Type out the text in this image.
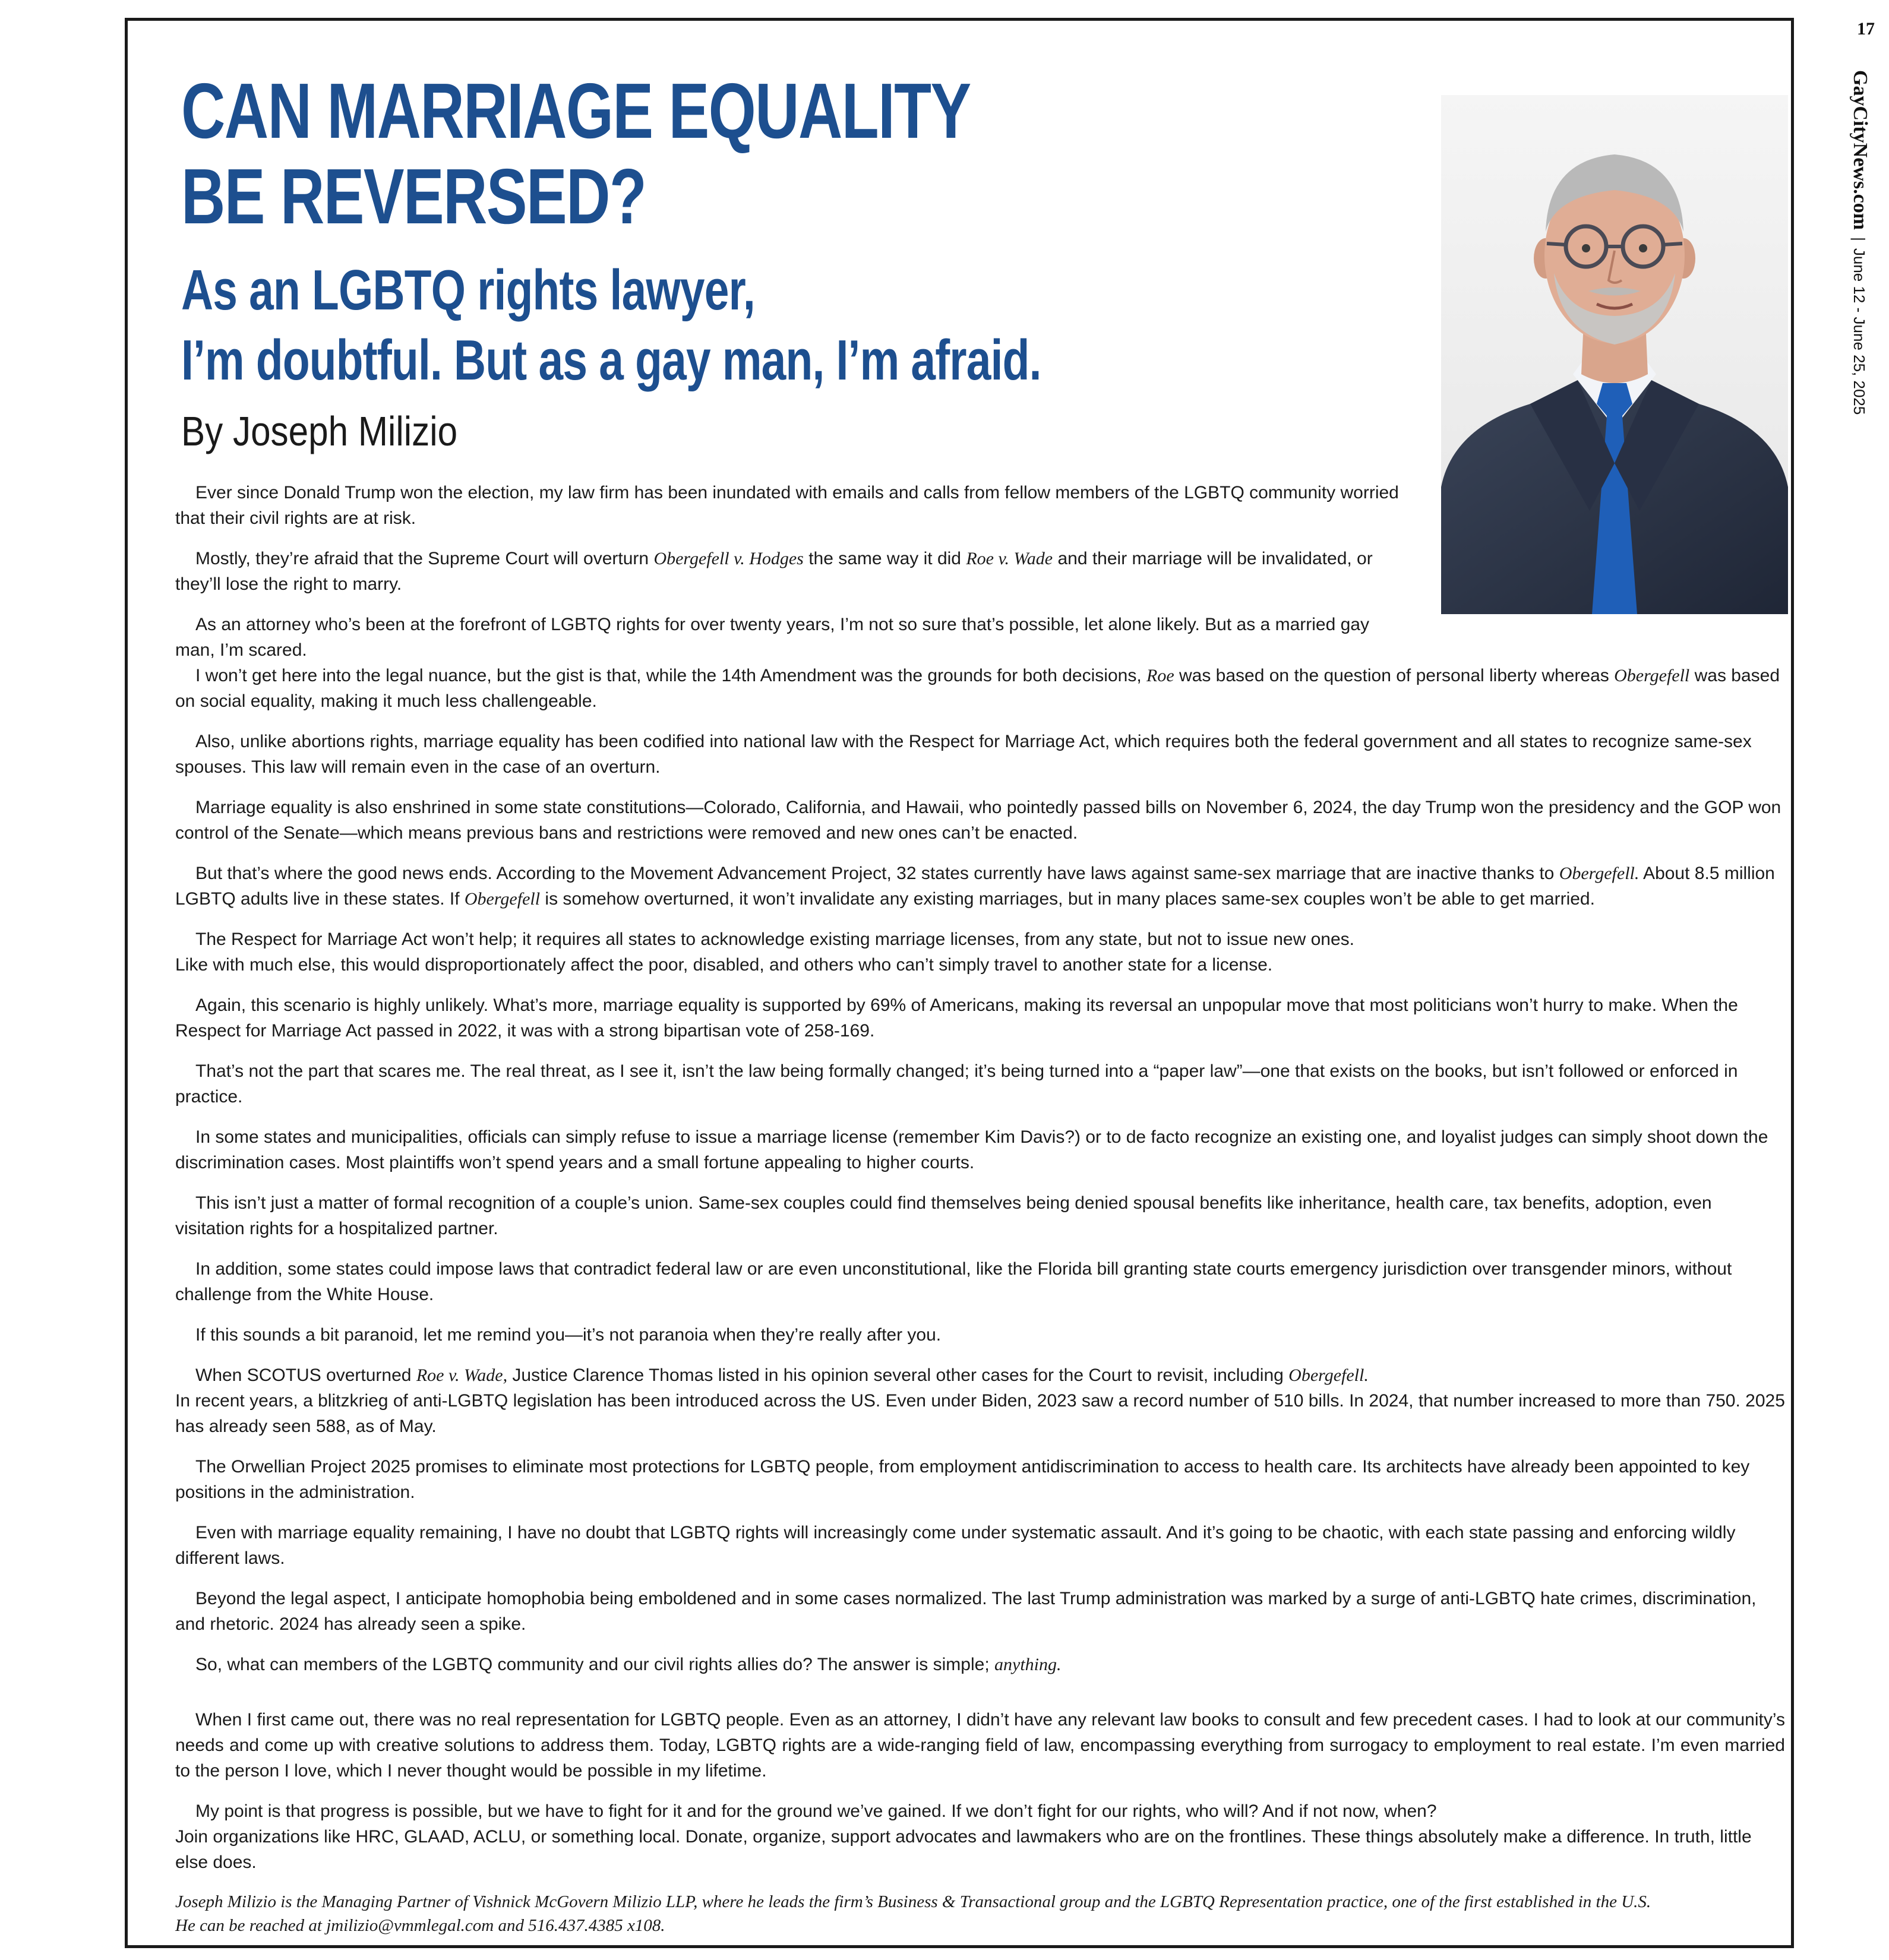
17
GayCityNews.com|June 12 - June 25, 2025
CAN MARRIAGE EQUALITY
BE REVERSED?
As an LGBTQ rights lawyer,
I’m doubtful. But as a gay man, I’m afraid.
By Joseph Milizio

Ever since Donald Trump won the election, my law firm has been inundated with emails and calls from fellow members of the LGBTQ community worried that their civil rights are at risk.

Mostly, they’re afraid that the Supreme Court will overturn Obergefell v. Hodges the same way it did Roe v. Wade and their marriage will be invalidated, or they’ll lose the right to marry.

As an attorney who’s been at the forefront of LGBTQ rights for over twenty years, I’m not so sure that’s possible, let alone likely. But as a married gay man, I’m scared.

I won’t get here into the legal nuance, but the gist is that, while the 14th Amendment was the grounds for both decisions, Roe was based on the question of personal liberty whereas Obergefell was based on social equality, making it much less challengeable.

Also, unlike abortions rights, marriage equality has been codified into national law with the Respect for Marriage Act, which requires both the federal government and all states to recognize same-sex spouses. This law will remain even in the case of an overturn.

Marriage equality is also enshrined in some state constitutions—Colorado, California, and Hawaii, who pointedly passed bills on November 6, 2024, the day Trump won the presidency and the GOP won control of the Senate—which means previous bans and restrictions were removed and new ones can’t be enacted.

But that’s where the good news ends. According to the Movement Advancement Project, 32 states currently have laws against same-sex marriage that are inactive thanks to Obergefell. About 8.5 million LGBTQ adults live in these states. If Obergefell is somehow overturned, it won’t invalidate any existing marriages, but in many places same-sex couples won’t be able to get married.

The Respect for Marriage Act won’t help; it requires all states to acknowledge existing marriage licenses, from any state, but not to issue new ones.

Like with much else, this would disproportionately affect the poor, disabled, and others who can’t simply travel to another state for a license.

Again, this scenario is highly unlikely. What’s more, marriage equality is supported by 69% of Americans, making its reversal an unpopular move that most politicians won’t hurry to make. When the Respect for Marriage Act passed in 2022, it was with a strong bipartisan vote of 258-169.

That’s not the part that scares me. The real threat, as I see it, isn’t the law being formally changed; it’s being turned into a “paper law”—one that exists on the books, but isn’t followed or enforced in practice.

In some states and municipalities, officials can simply refuse to issue a marriage license (remember Kim Davis?) or to de facto recognize an existing one, and loyalist judges can simply shoot down the discrimination cases. Most plaintiffs won’t spend years and a small fortune appealing to higher courts.

This isn’t just a matter of formal recognition of a couple’s union. Same-sex couples could find themselves being denied spousal benefits like inheritance, health care, tax benefits, adoption, even visitation rights for a hospitalized partner.

In addition, some states could impose laws that contradict federal law or are even unconstitutional, like the Florida bill granting state courts emergency jurisdiction over transgender minors, without challenge from the White House.

If this sounds a bit paranoid, let me remind you—it’s not paranoia when they’re really after you.

When SCOTUS overturned Roe v. Wade, Justice Clarence Thomas listed in his opinion several other cases for the Court to revisit, including Obergefell.

In recent years, a blitzkrieg of anti-LGBTQ legislation has been introduced across the US. Even under Biden, 2023 saw a record number of 510 bills. In 2024, that number increased to more than 750. 2025 has already seen 588, as of May.

The Orwellian Project 2025 promises to eliminate most protections for LGBTQ people, from employment antidiscrimination to access to health care. Its architects have already been appointed to key positions in the administration.

Even with marriage equality remaining, I have no doubt that LGBTQ rights will increasingly come under systematic assault. And it’s going to be chaotic, with each state passing and enforcing wildly different laws.

Beyond the legal aspect, I anticipate homophobia being emboldened and in some cases normalized. The last Trump administration was marked by a surge of anti-LGBTQ hate crimes, discrimination, and rhetoric. 2024 has already seen a spike.

So, what can members of the LGBTQ community and our civil rights allies do? The answer is simple; anything.

When I first came out, there was no real representation for LGBTQ people. Even as an attorney, I didn’t have any relevant law books to consult and few precedent cases. I had to look at our community’s needs and come up with creative solutions to address them. Today, LGBTQ rights are a wide-ranging field of law, encompassing everything from surrogacy to employment to real estate. I’m even married to the person I love, which I never thought would be possible in my lifetime.

My point is that progress is possible, but we have to fight for it and for the ground we’ve gained. If we don’t fight for our rights, who will? And if not now, when?

Join organizations like HRC, GLAAD, ACLU, or something local. Donate, organize, support advocates and lawmakers who are on the frontlines. These things absolutely make a difference. In truth, little else does.

Joseph Milizio is the Managing Partner of Vishnick McGovern Milizio LLP, where he leads the firm’s Business & Transactional group and the LGBTQ Representation practice, one of the first established in the U.S.
He can be reached at jmilizio@vmmlegal.com and 516.437.4385 x108.
